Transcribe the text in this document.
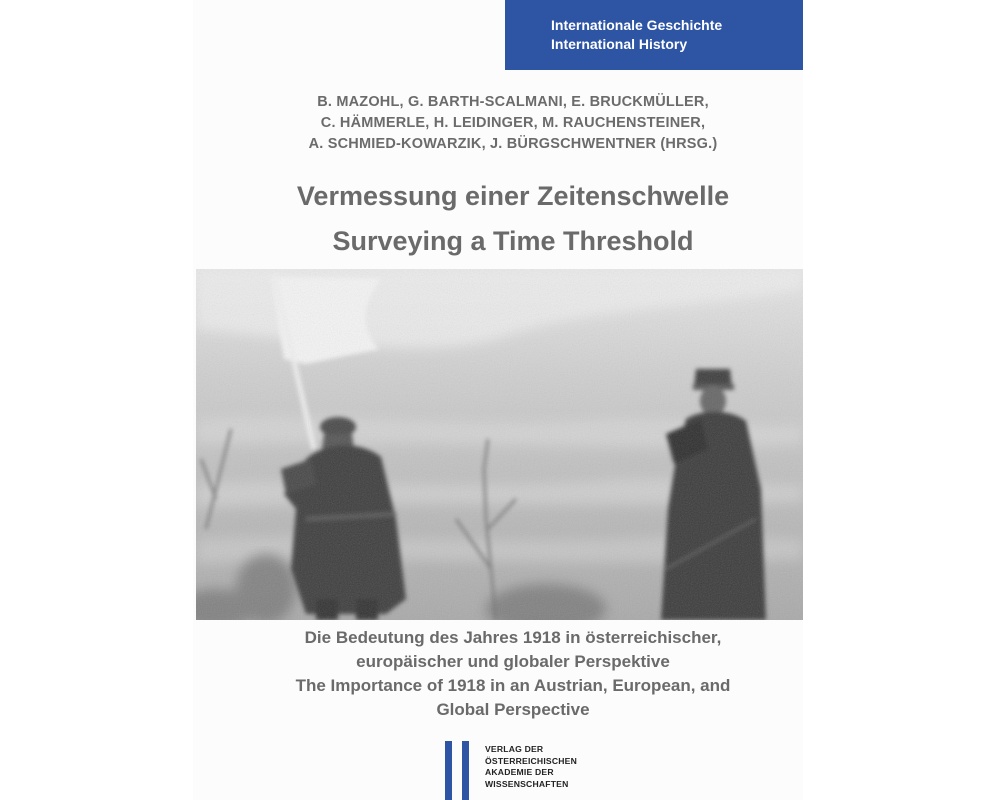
Internationale Geschichte
International History
B. MAZOHL, G. BARTH-SCALMANI, E. BRUCKMÜLLER,
C. HÄMMERLE, H. LEIDINGER, M. RAUCHENSTEINER,
A. SCHMIED-KOWARZIK, J. BÜRGSCHWENTNER (HRSG.)
Vermessung einer Zeitenschwelle
Surveying a Time Threshold
Die Bedeutung des Jahres 1918 in österreichischer,
europäischer und globaler Perspektive
The Importance of 1918 in an Austrian, European, and
Global Perspective
VERLAG DER
ÖSTERREICHISCHEN
AKADEMIE DER
WISSENSCHAFTEN
